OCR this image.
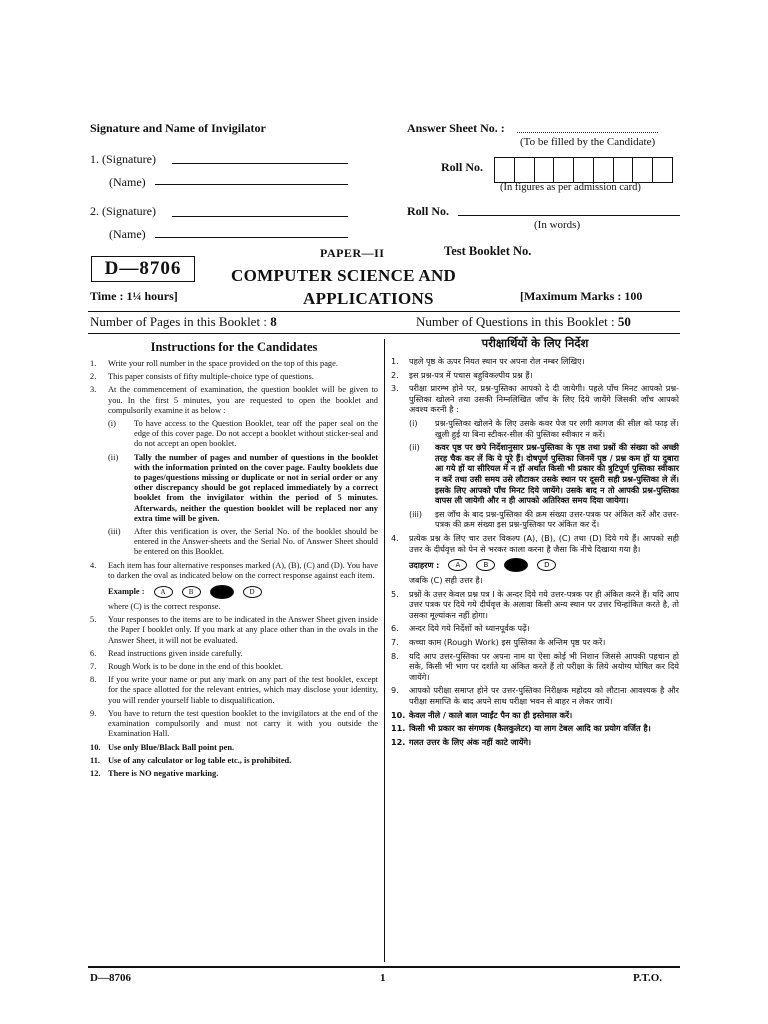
Signature and Name of Invigilator
1. (Signature)
(Name)
2. (Signature)
(Name)
Answer Sheet No. :
(To be filled by the Candidate)
Roll No.
(In figures as per admission card)
Roll No.
(In words)
PAPER—II	Test Booklet No.
D—8706	COMPUTER SCIENCE AND
APPLICATIONS
Time : 1¼ hours]	[Maximum Marks : 100
Number of Pages in this Booklet : 8	Number of Questions in this Booklet : 50
Instructions for the Candidates
1.	Write your roll number in the space provided on the top of this page.
2.	This paper consists of fifty multiple-choice type of questions.
3.	At the commencement of examination, the question booklet will be given to you. In the first 5 minutes, you are requested to open the booklet and compulsorily examine it as below :
(i)	To have access to the Question Booklet, tear off the paper seal on the edge of this cover page. Do not accept a booklet without sticker-seal and do not accept an open booklet.
(ii)	Tally the number of pages and number of questions in the booklet with the information printed on the cover page. Faulty booklets due to pages/questions missing or duplicate or not in serial order or any other discrepancy should be got replaced immediately by a correct booklet from the invigilator within the period of 5 minutes. Afterwards, neither the question booklet will be replaced nor any extra time will be given.
(iii)	After this verification is over, the Serial No. of the booklet should be entered in the Answer-sheets and the Serial No. of Answer Sheet should be entered on this Booklet.
4.	Each item has four alternative responses marked (A), (B), (C) and (D). You have to darken the oval as indicated below on the correct response against each item.
Example :	A	B	D
where (C) is the correct response.
5.	Your responses to the items are to be indicated in the Answer Sheet given inside the Paper I booklet only. If you mark at any place other than in the ovals in the Answer Sheet, it will not be evaluated.
6.	Read instructions given inside carefully.
7.	Rough Work is to be done in the end of this booklet.
8.	If you write your name or put any mark on any part of the test booklet, except for the space allotted for the relevant entries, which may disclose your identity, you will render yourself liable to disqualification.
9.	You have to return the test question booklet to the invigilators at the end of the examination compulsorily and must not carry it with you outside the Examination Hall.
10. Use only Blue/Black Ball point pen.
11. Use of any calculator or log table etc., is prohibited.
12. There is NO negative marking.
परीक्षार्थियों के लिए निर्देश
1.	पहले पृष्ठ के ऊपर नियत स्थान पर अपना रोल नम्बर लिखिए।
2.	इस प्रश्न-पत्र में पचास बहुविकल्पीय प्रश्न हैं।
3.	परीक्षा प्रारम्भ होने पर, प्रश्न-पुस्तिका आपको दे दी जायेगी। पहले पाँच मिनट आपको प्रश्न-पुस्तिका खोलने तथा उसकी निम्नलिखित जाँच के लिए दिये जायेंगे जिसकी जाँच आपको अवश्य करनी है :
(i)	प्रश्न-पुस्तिका खोलने के लिए उसके कवर पेज पर लगी कागज की सील को फाड़ लें। खुली हुई या बिना स्टीकर-सील की पुस्तिका स्वीकार न करें।
(ii)	कवर पृष्ठ पर छपे निर्देशानुसार प्रश्न-पुस्तिका के पृष्ठ तथा प्रश्नों की संख्या को अच्छी तरह चैक कर लें कि ये पूरे हैं। दोषपूर्ण पुस्तिका जिनमें पृष्ठ / प्रश्न कम हों या दुबारा आ गये हों या सीरियल में न हों अर्थात किसी भी प्रकार की त्रुटिपूर्ण पुस्तिका स्वीकार न करें तथा उसी समय उसे लौटाकर उसके स्थान पर दूसरी सही प्रश्न-पुस्तिका ले लें। इसके लिए आपको पाँच मिनट दिये जायेंगे। उसके बाद न तो आपकी प्रश्न-पुस्तिका वापस ली जायेगी और न ही आपको अतिरिक्त समय दिया जायेगा।
(iii)	इस जाँच के बाद प्रश्न-पुस्तिका की क्रम संख्या उत्तर-पत्रक पर अंकित करें और उत्तर-पत्रक की क्रम संख्या इस प्रश्न-पुस्तिका पर अंकित कर दें।
4.	प्रत्येक प्रश्न के लिए चार उत्तर विकल्प (A), (B), (C) तथा (D) दिये गये हैं। आपको सही उत्तर के दीर्घवृत्त को पेन से भरकर काला करना है जैसा कि नीचे दिखाया गया है।
उदाहरण :	A	B	D
जबकि (C) सही उत्तर है।
5.	प्रश्नों के उत्तर केवल प्रश्न पत्र I के अन्दर दिये गये उत्तर-पत्रक पर ही अंकित करने हैं। यदि आप उत्तर पत्रक पर दिये गये दीर्घवृत्त के अलावा किसी अन्य स्थान पर उत्तर चिन्हांकित करते है, तो उसका मूल्यांकन नहीं होगा।
6.	अन्दर दिये गये निर्देशों को ध्यानपूर्वक पढ़ें।
7.	कच्चा काम (Rough Work) इस पुस्तिका के अन्तिम पृष्ठ पर करें।
8.	यदि आप उत्तर-पुस्तिका पर अपना नाम या ऐसा कोई भी निशान जिससे आपकी पहचान हो सके, किसी भी भाग पर दर्शाते या अंकित करते हैं तो परीक्षा के लिये अयोग्य घोषित कर दिये जायेंगे।
9.	आपको परीक्षा समाप्त होने पर उत्तर-पुस्तिका निरीक्षक महोदय को लौटाना आवश्यक है और परीक्षा समाप्ति के बाद अपने साथ परीक्षा भवन से बाहर न लेकर जायें।
10. केवल नीले / काले बाल प्वाईंट पैन का ही इस्तेमाल करें।
11. किसी भी प्रकार का संगणक (कैलकुलेटर) या लाग टेबल आदि का प्रयोग वर्जित है।
12. गलत उत्तर के लिए अंक नहीं काटे जायेंगे।
D—8706	1	P.T.O.
